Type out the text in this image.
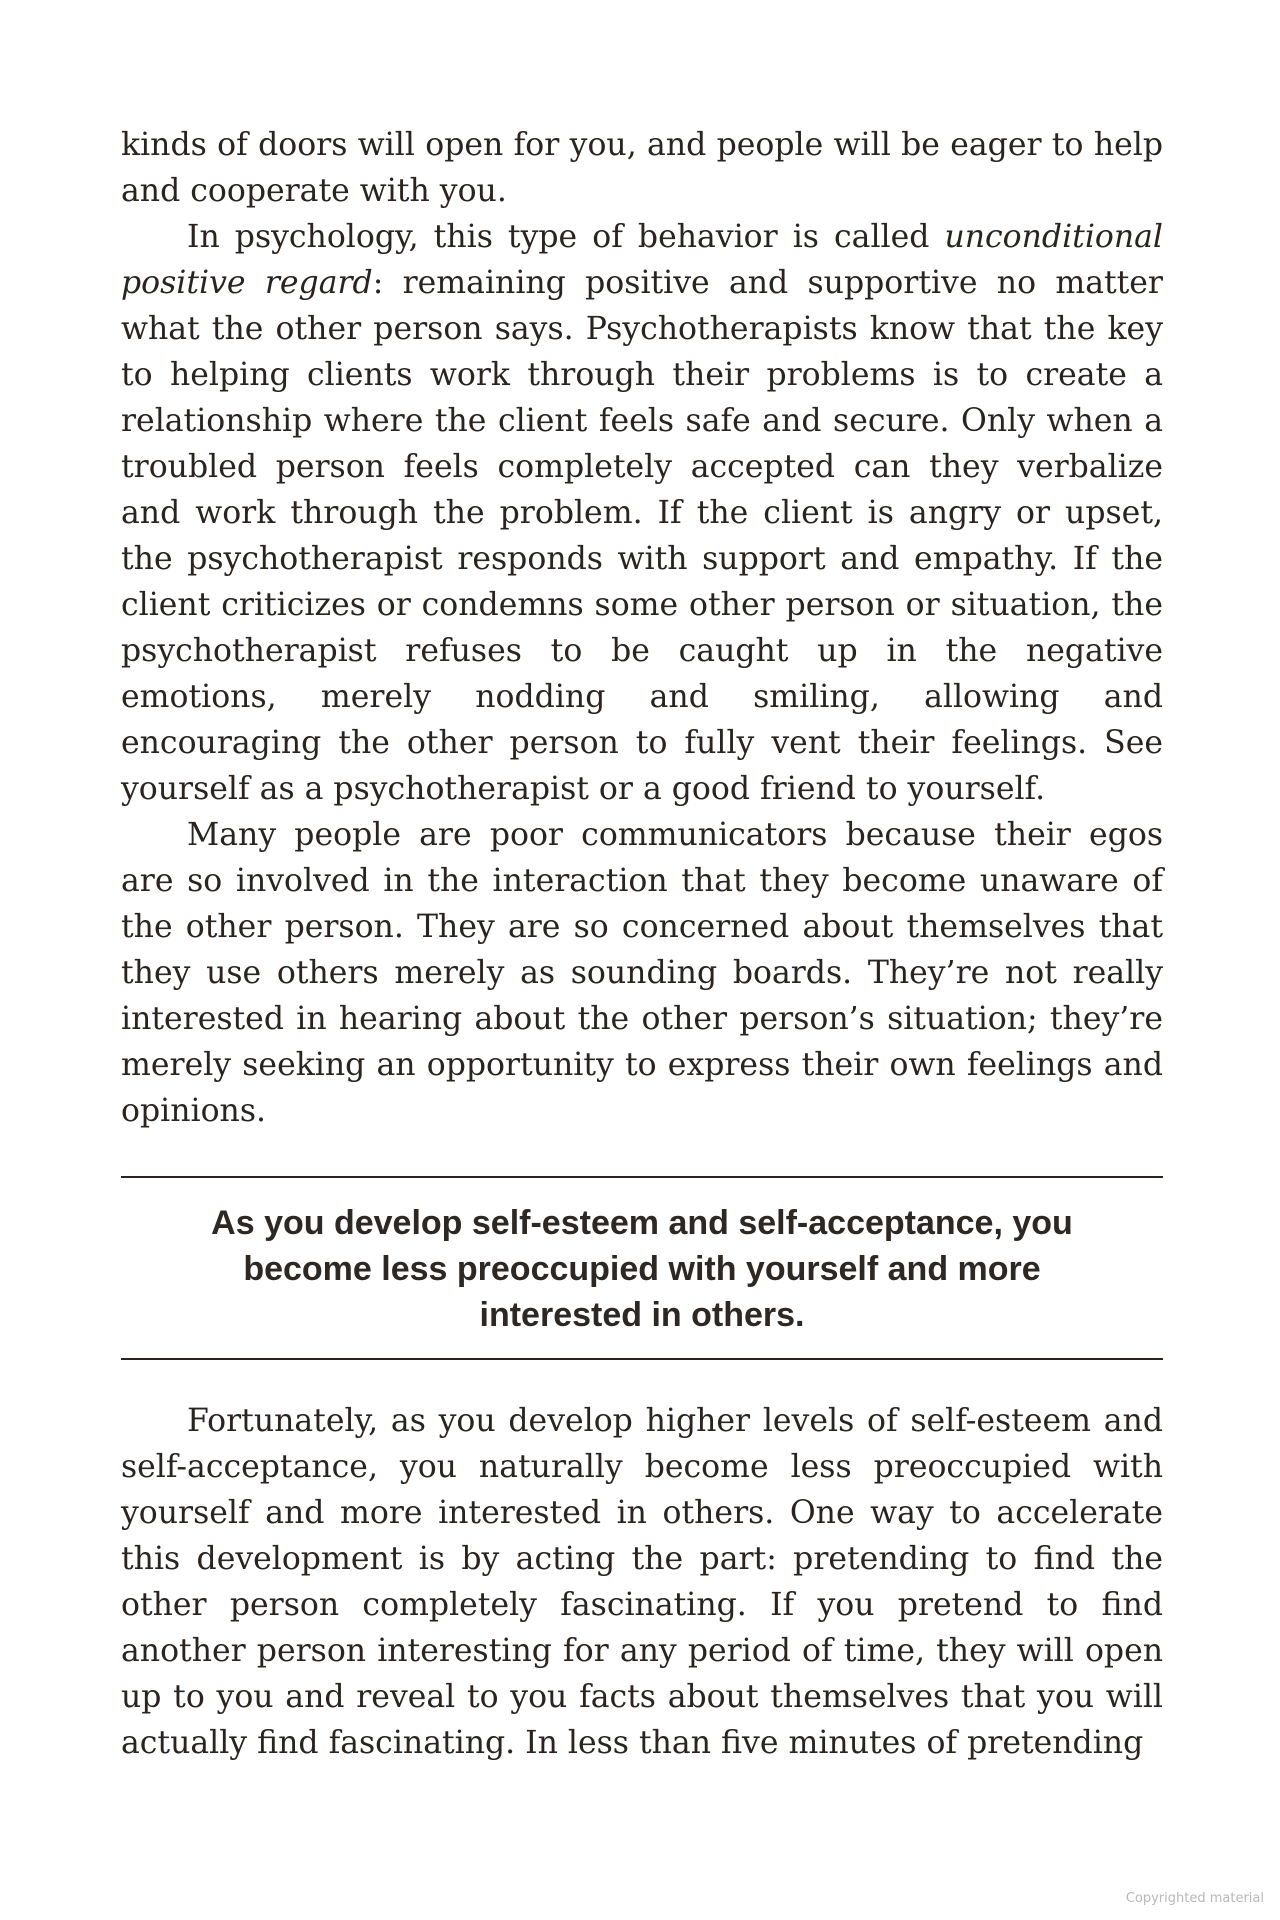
kinds of doors will open for you, and people will be eager to help and cooperate with you.

In psychology, this type of behavior is called unconditional positive regard: remaining positive and supportive no matter what the other person says. Psychotherapists know that the key to helping clients work through their problems is to create a relationship where the client feels safe and secure. Only when a troubled person feels completely accepted can they verbalize and work through the problem. If the client is angry or upset, the psychotherapist responds with support and empathy. If the client criticizes or condemns some other person or situation, the psychotherapist refuses to be caught up in the negative emotions, merely nodding and smiling, allowing and encouraging the other person to fully vent their feelings. See yourself as a psychotherapist or a good friend to yourself.

Many people are poor communicators because their egos are so involved in the interaction that they become unaware of the other person. They are so concerned about themselves that they use others merely as sounding boards. They’re not really interested in hearing about the other person’s situation; they’re merely seeking an opportunity to express their own feelings and opinions.

As you develop self-esteem and self-acceptance, you become less preoccupied with yourself and more interested in others.

Fortunately, as you develop higher levels of self-esteem and self-acceptance, you naturally become less preoccupied with yourself and more interested in others. One way to accelerate this development is by acting the part: pretending to find the other person completely fascinating. If you pretend to find another person interesting for any period of time, they will open up to you and reveal to you facts about themselves that you will actually find fascinating. In less than five minutes of pretending

Copyrighted material
